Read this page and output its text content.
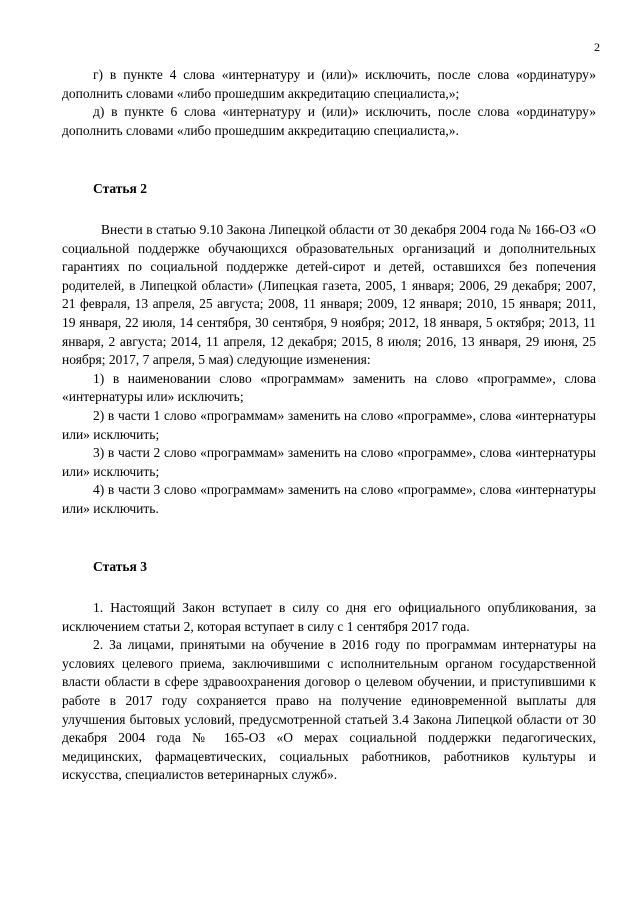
2

г) в пункте 4 слова «интернатуру и (или)» исключить, после слова «ординатуру» дополнить словами «либо прошедшим аккредитацию специалиста,»;

д) в пункте 6 слова «интернатуру и (или)» исключить, после слова «ординатуру» дополнить словами «либо прошедшим аккредитацию специалиста,».

Статья 2

Внести в статью 9.10 Закона Липецкой области от 30 декабря 2004 года № 166-ОЗ «О социальной поддержке обучающихся образовательных организаций и дополнительных гарантиях по социальной поддержке детей-сирот и детей, оставшихся без попечения родителей, в Липецкой области» (Липецкая газета, 2005, 1 января; 2006, 29 декабря; 2007, 21 февраля, 13 апреля, 25 августа; 2008, 11 января; 2009, 12 января; 2010, 15 января; 2011, 19 января, 22 июля, 14 сентября, 30 сентября, 9 ноября; 2012, 18 января, 5 октября; 2013, 11 января, 2 августа; 2014, 11 апреля, 12 декабря; 2015, 8 июля; 2016, 13 января, 29 июня, 25 ноября; 2017, 7 апреля, 5 мая) следующие изменения:

1) в наименовании слово «программам» заменить на слово «программе», слова «интернатуры или» исключить;

2) в части 1 слово «программам» заменить на слово «программе», слова «интернатуры или» исключить;

3) в части 2 слово «программам» заменить на слово «программе», слова «интернатуры или» исключить;

4) в части 3 слово «программам» заменить на слово «программе», слова «интернатуры или» исключить.

Статья 3

1. Настоящий Закон вступает в силу со дня его официального опубликования, за исключением статьи 2, которая вступает в силу с 1 сентября 2017 года.

2. За лицами, принятыми на обучение в 2016 году по программам интернатуры на условиях целевого приема, заключившими с исполнительным органом государственной власти области в сфере здравоохранения договор о целевом обучении, и приступившими к работе в 2017 году сохраняется право на получение единовременной выплаты для улучшения бытовых условий, предусмотренной статьей 3.4 Закона Липецкой области от 30 декабря 2004 года № 165-ОЗ «О мерах социальной поддержки педагогических, медицинских, фармацевтических, социальных работников, работников культуры и искусства, специалистов ветеринарных служб».
